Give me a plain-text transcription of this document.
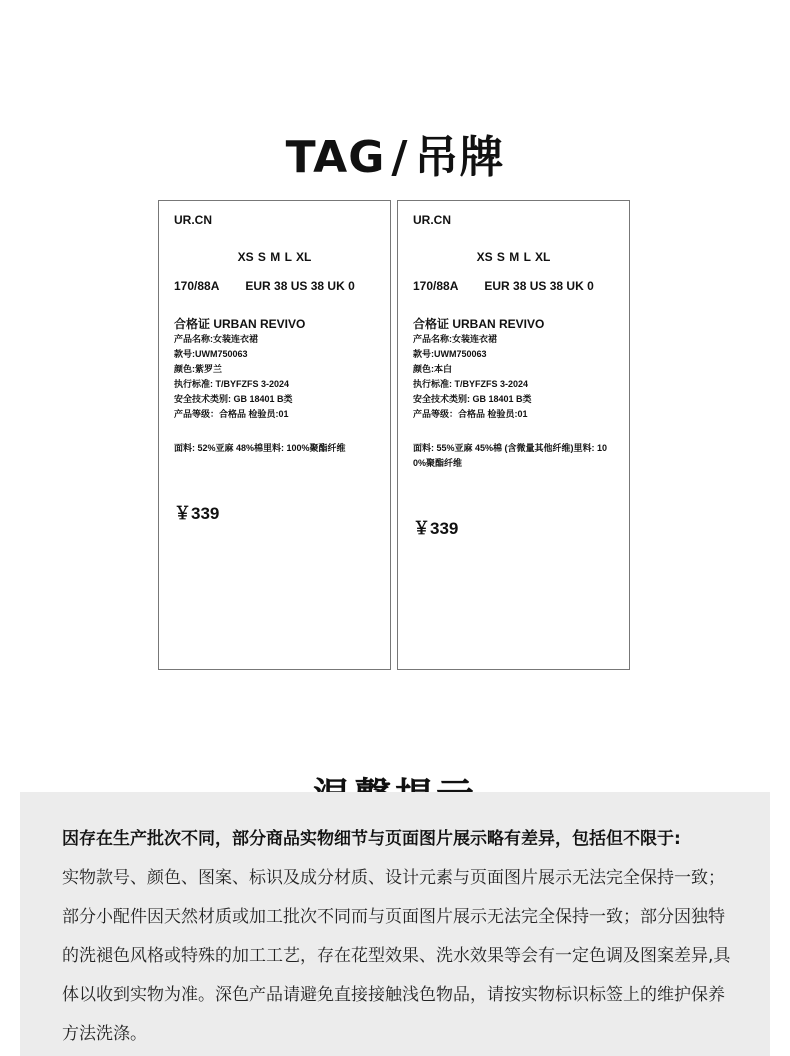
TAG / 吊牌
UR.CN
XS S M L XL
170/88A EUR 38 US 38 UK 0
合格证 URBAN REVIVO
产品名称:女装连衣裙
款号:UWM750063
颜色:紫罗兰
执行标准: T/BYFZFS 3-2024
安全技术类别: GB 18401 B类
产品等级：合格品 检验员:01
面料: 52%亚麻 48%棉里料: 100%聚酯纤维
￥339
UR.CN
XS S M L XL
170/88A EUR 38 US 38 UK 0
合格证 URBAN REVIVO
产品名称:女装连衣裙
款号:UWM750063
颜色:本白
执行标准: T/BYFZFS 3-2024
安全技术类别: GB 18401 B类
产品等级：合格品 检验员:01
面料: 55%亚麻 45%棉 (含微量其他纤维)里料: 100%聚酯纤维
￥339

因存在生产批次不同，部分商品实物细节与页面图片展示略有差异，包括但不限于:
实物款号、颜色、图案、标识及成分材质、设计元素与页面图片展示无法完全保持一致；部分小配件因天然材质或加工批次不同而与页面图片展示无法完全保持一致；部分因独特的洗褪色风格或特殊的加工工艺，存在花型效果、洗水效果等会有一定色调及图案差异,具体以收到实物为准。深色产品请避免直接接触浅色物品，请按实物标识标签上的维护保养方法洗涤。
